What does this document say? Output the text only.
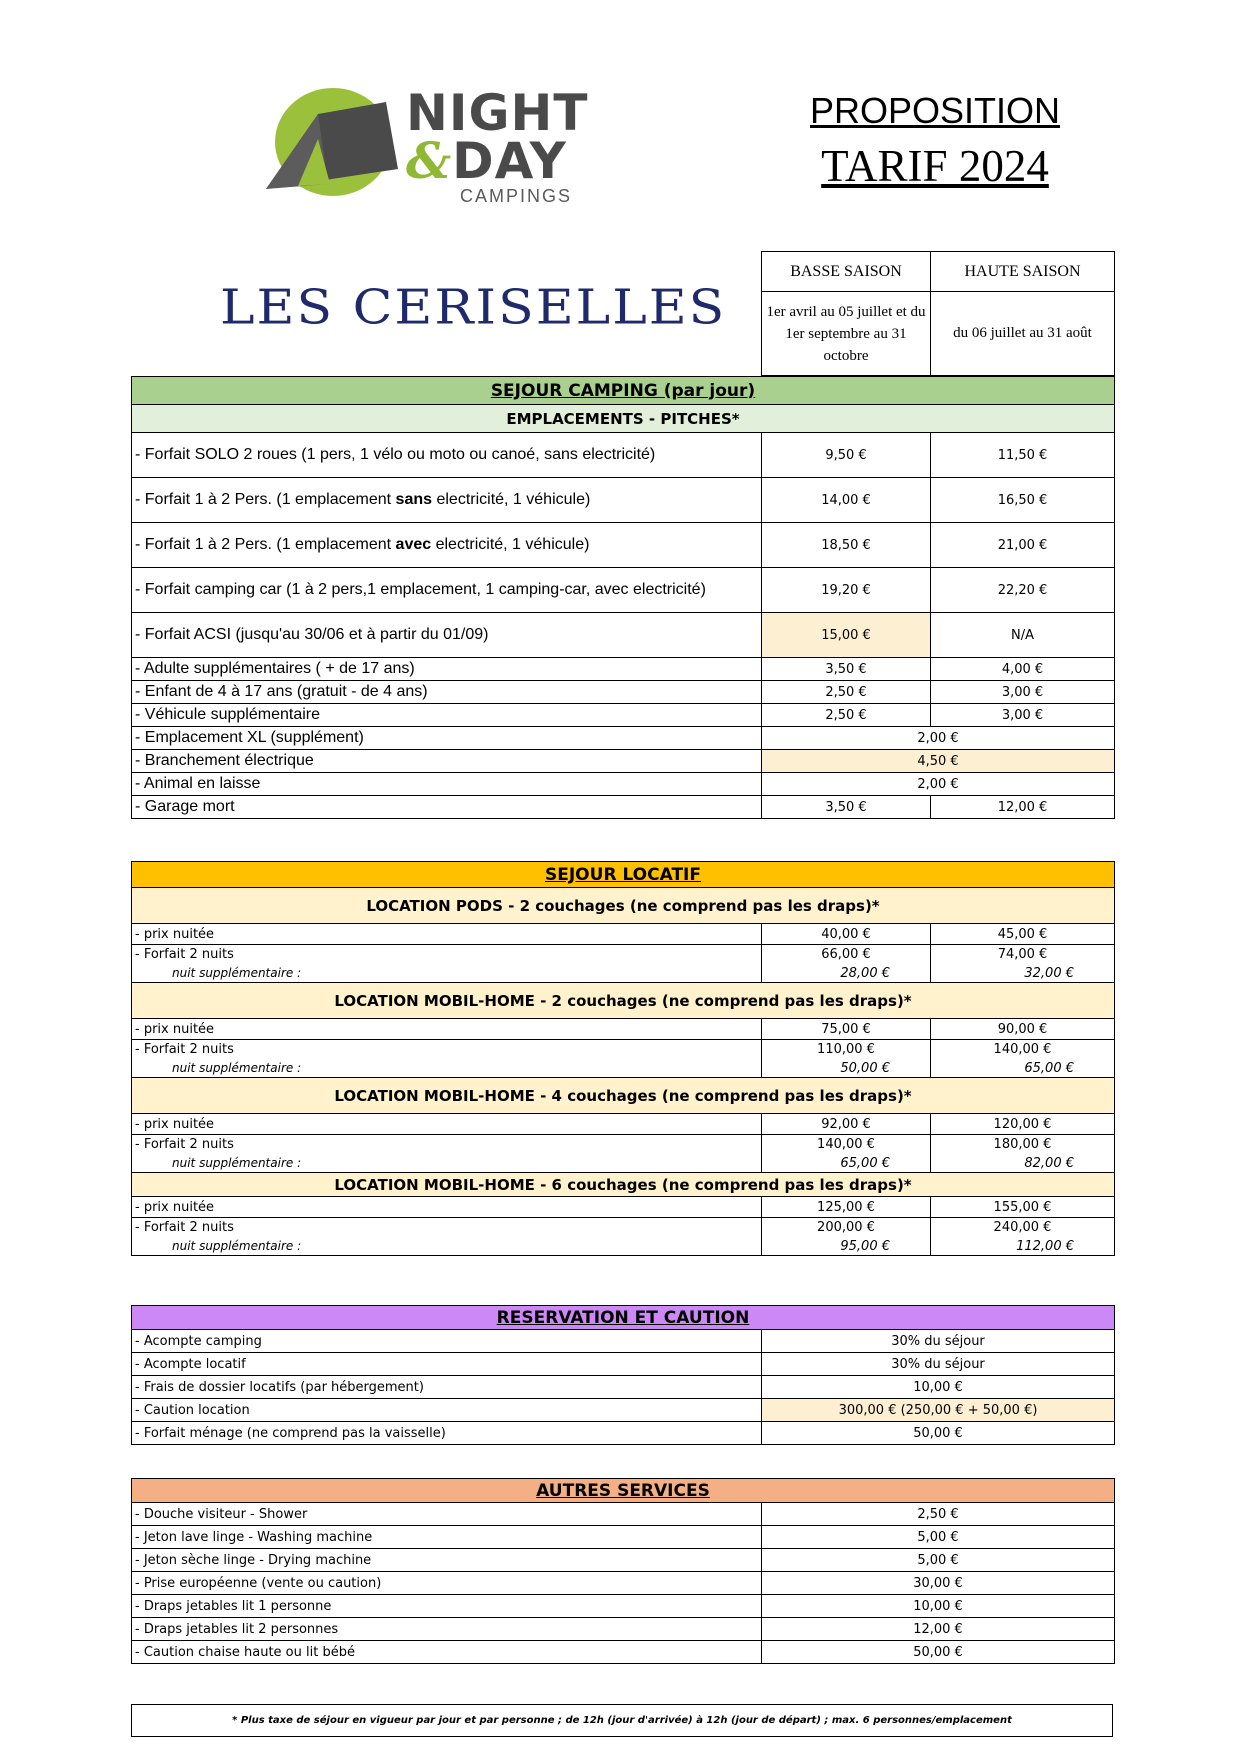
NIGHT
&DAY
CAMPINGS
PROPOSITION
TARIF 2024
LES CERISELLES
BASSE SAISON	HAUTE SAISON
1er avril au 05 juillet et du 1er septembre au 31 octobre	du 06 juillet au 31 août
SEJOUR CAMPING (par jour)		
EMPLACEMENTS - PITCHES*		
- Forfait SOLO 2 roues (1 pers, 1 vélo ou moto ou canoé, sans electricité)	9,50 €	11,50 €
- Forfait 1 à 2 Pers. (1 emplacement sans electricité, 1 véhicule)	14,00 €	16,50 €
- Forfait 1 à 2 Pers. (1 emplacement avec electricité, 1 véhicule)	18,50 €	21,00 €
- Forfait camping car (1 à 2 pers,1 emplacement, 1 camping-car, avec electricité)	19,20 €	22,20 €
- Forfait ACSI (jusqu'au 30/06 et à partir du 01/09)	15,00 €	N/A
- Adulte supplémentaires ( + de 17 ans)	3,50 €	4,00 €
- Enfant de 4 à 17 ans (gratuit - de 4 ans)	2,50 €	3,00 €
- Véhicule supplémentaire	2,50 €	3,00 €
- Emplacement XL (supplément)	2,00 €	
- Branchement électrique	4,50 €	
- Animal en laisse	2,00 €	
- Garage mort	3,50 €	12,00 €
SEJOUR LOCATIF		
LOCATION PODS - 2 couchages (ne comprend pas les draps)*		
- prix nuitée	40,00 €	45,00 €
- Forfait 2 nuits	66,00 €	74,00 €
nuit supplémentaire :	28,00 €	32,00 €
LOCATION MOBIL-HOME - 2 couchages (ne comprend pas les draps)*		
- prix nuitée	75,00 €	90,00 €
- Forfait 2 nuits	110,00 €	140,00 €
nuit supplémentaire :	50,00 €	65,00 €
LOCATION MOBIL-HOME - 4 couchages (ne comprend pas les draps)*		
- prix nuitée	92,00 €	120,00 €
- Forfait 2 nuits	140,00 €	180,00 €
nuit supplémentaire :	65,00 €	82,00 €
LOCATION MOBIL-HOME - 6 couchages (ne comprend pas les draps)*		
- prix nuitée	125,00 €	155,00 €
- Forfait 2 nuits	200,00 €	240,00 €
nuit supplémentaire :	95,00 €	112,00 €
RESERVATION ET CAUTION	
- Acompte camping	30% du séjour
- Acompte locatif	30% du séjour
- Frais de dossier locatifs (par hébergement)	10,00 €
- Caution location	300,00 € (250,00 € + 50,00 €)
- Forfait ménage (ne comprend pas la vaisselle)	50,00 €
AUTRES SERVICES	
- Douche visiteur - Shower	2,50 €
- Jeton lave linge - Washing machine	5,00 €
- Jeton sèche linge - Drying machine	5,00 €
- Prise européenne (vente ou caution)	30,00 €
- Draps jetables lit 1 personne	10,00 €
- Draps jetables lit 2 personnes	12,00 €
- Caution chaise haute ou lit bébé	50,00 €
* Plus taxe de séjour en vigueur par jour et par personne ; de 12h (jour d'arrivée) à 12h (jour de départ) ; max. 6 personnes/emplacement
